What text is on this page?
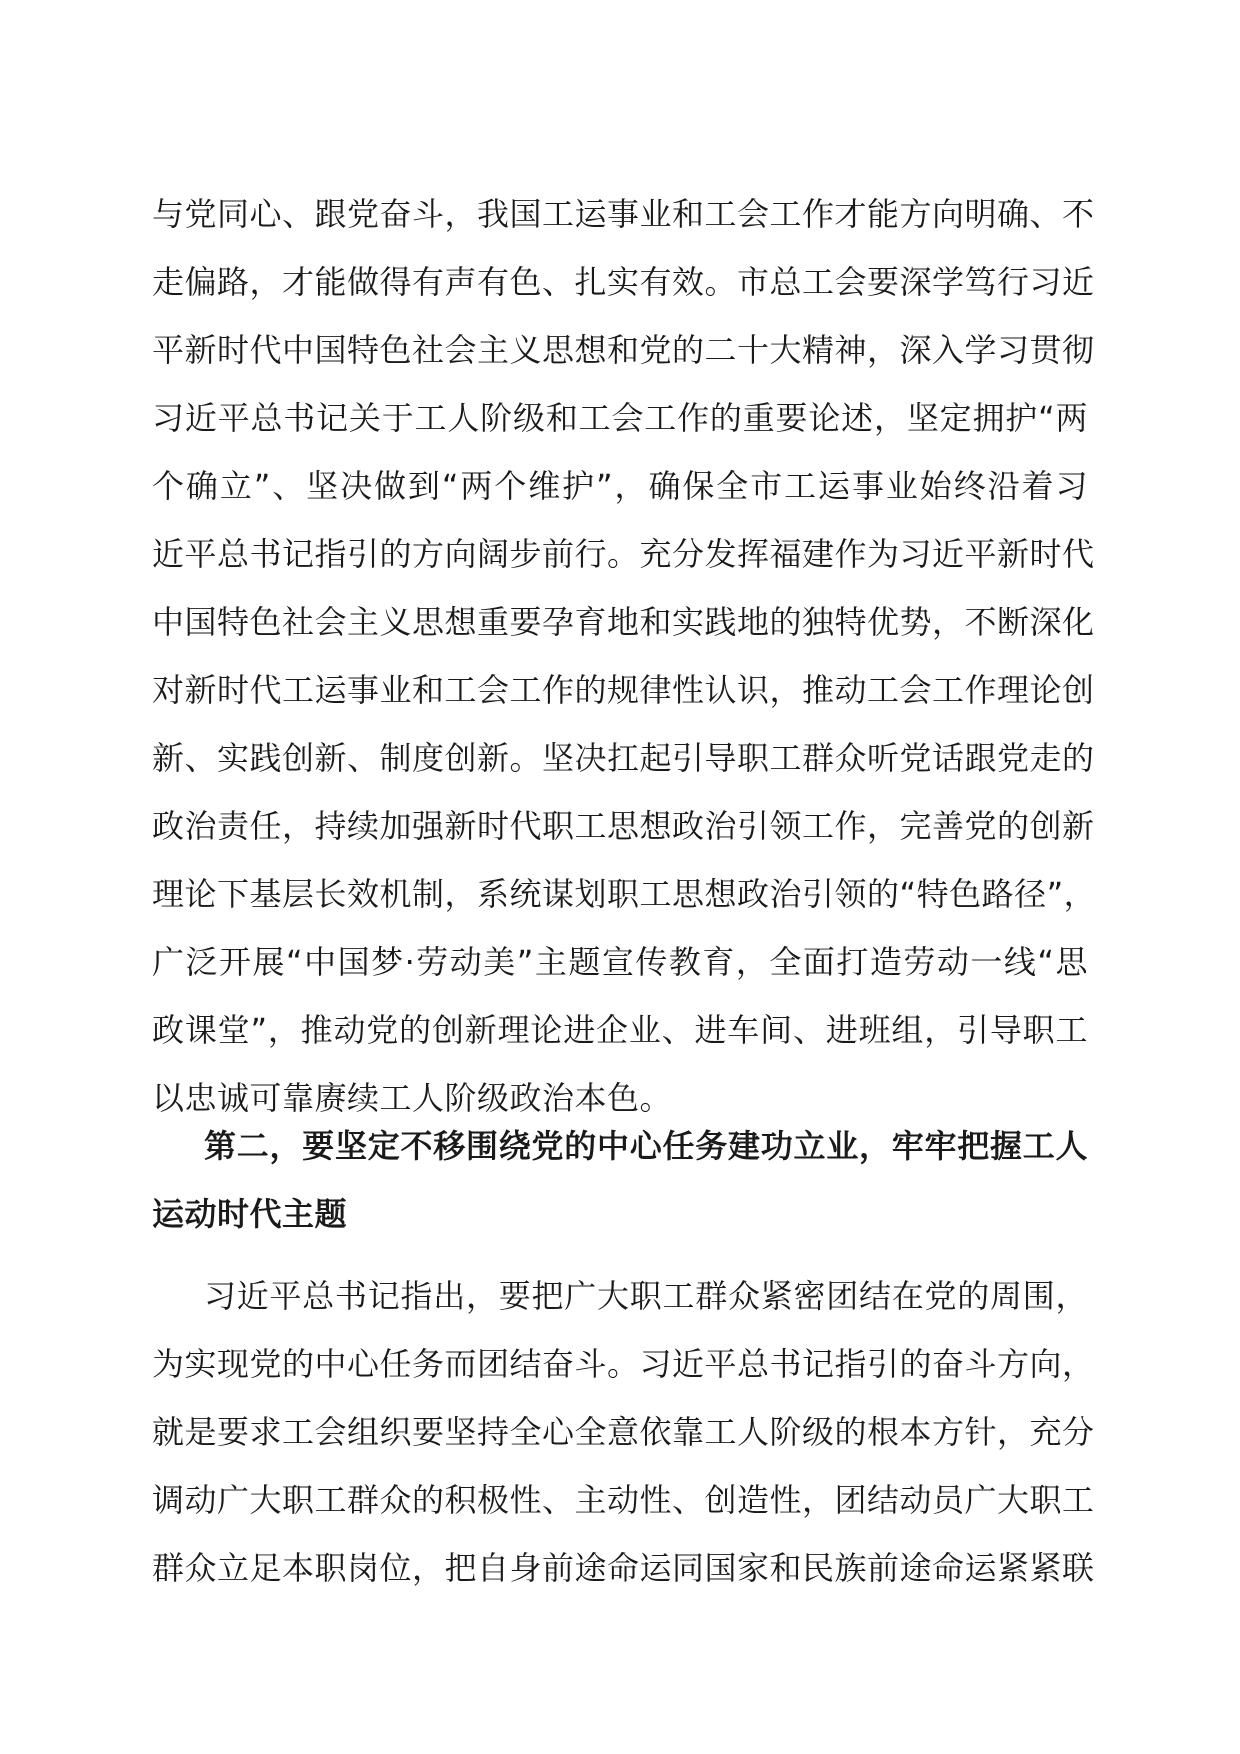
与党同心、跟党奋斗，我国工运事业和工会工作才能方向明确、不
走偏路，才能做得有声有色、扎实有效。市总工会要深学笃行习近
平新时代中国特色社会主义思想和党的二十大精神，深入学习贯彻
习近平总书记关于工人阶级和工会工作的重要论述，坚定拥护“两
个确立”、坚决做到“两个维护”，确保全市工运事业始终沿着习
近平总书记指引的方向阔步前行。充分发挥福建作为习近平新时代
中国特色社会主义思想重要孕育地和实践地的独特优势，不断深化
对新时代工运事业和工会工作的规律性认识，推动工会工作理论创
新、实践创新、制度创新。坚决扛起引导职工群众听党话跟党走的
政治责任，持续加强新时代职工思想政治引领工作，完善党的创新
理论下基层长效机制，系统谋划职工思想政治引领的“特色路径”，
广泛开展“中国梦·劳动美”主题宣传教育，全面打造劳动一线“思
政课堂”，推动党的创新理论进企业、进车间、进班组，引导职工
以忠诚可靠赓续工人阶级政治本色。
第二，要坚定不移围绕党的中心任务建功立业，牢牢把握工人
运动时代主题
习近平总书记指出，要把广大职工群众紧密团结在党的周围，
为实现党的中心任务而团结奋斗。习近平总书记指引的奋斗方向，
就是要求工会组织要坚持全心全意依靠工人阶级的根本方针，充分
调动广大职工群众的积极性、主动性、创造性，团结动员广大职工
群众立足本职岗位，把自身前途命运同国家和民族前途命运紧紧联
